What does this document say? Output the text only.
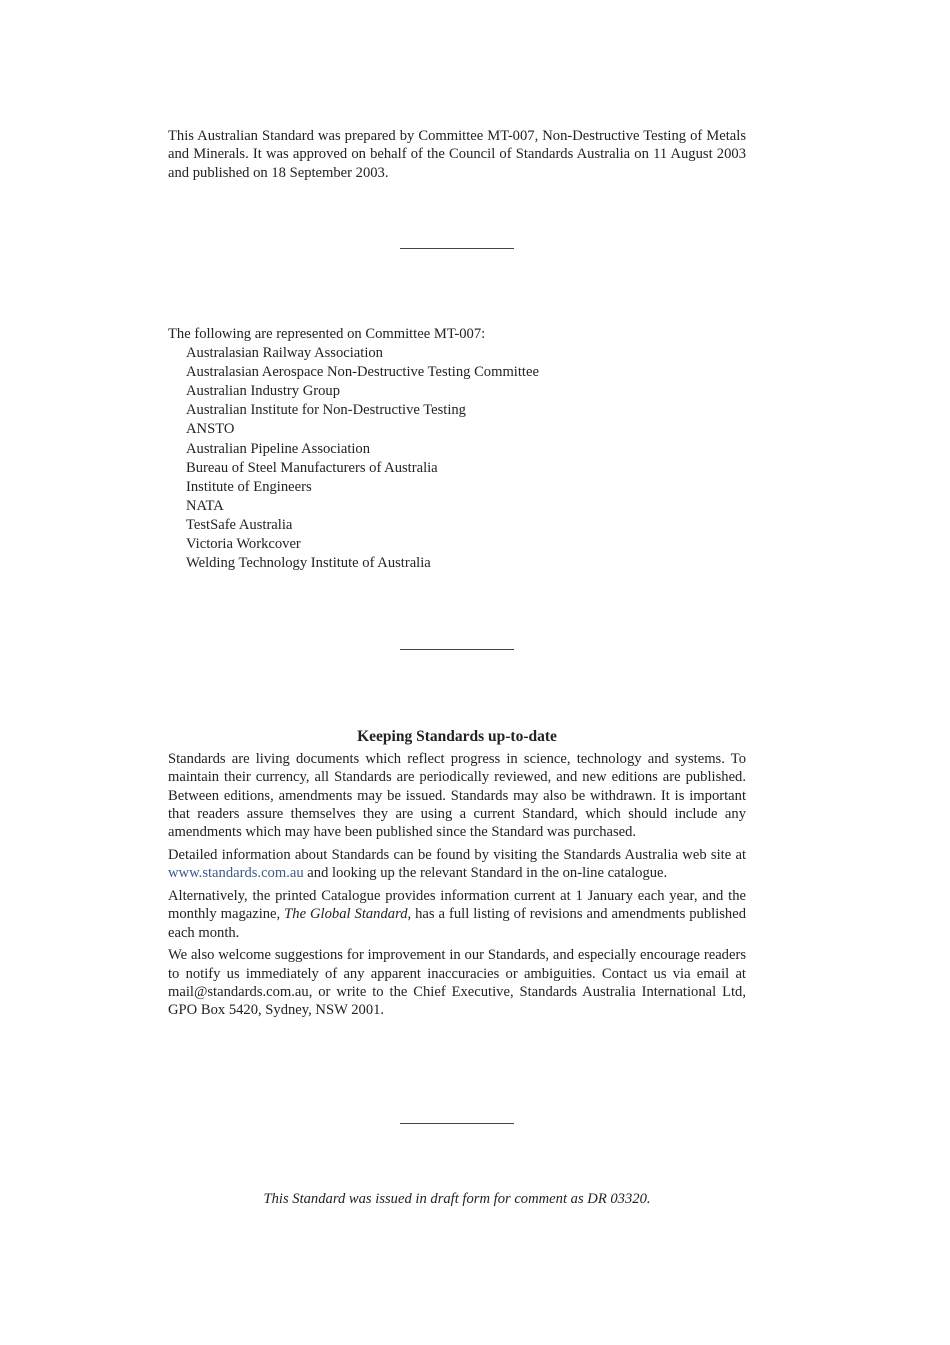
This Australian Standard was prepared by Committee MT-007, Non-Destructive Testing of Metals and Minerals. It was approved on behalf of the Council of Standards Australia on 11 August 2003 and published on 18 September 2003.

The following are represented on Committee MT-007:
Australasian Railway Association
Australasian Aerospace Non-Destructive Testing Committee
Australian Industry Group
Australian Institute for Non-Destructive Testing
ANSTO
Australian Pipeline Association
Bureau of Steel Manufacturers of Australia
Institute of Engineers
NATA
TestSafe Australia
Victoria Workcover
Welding Technology Institute of Australia
Keeping Standards up-to-date

Standards are living documents which reflect progress in science, technology and systems. To maintain their currency, all Standards are periodically reviewed, and new editions are published. Between editions, amendments may be issued. Standards may also be withdrawn. It is important that readers assure themselves they are using a current Standard, which should include any amendments which may have been published since the Standard was purchased.

Detailed information about Standards can be found by visiting the Standards Australia web site at www.standards.com.au and looking up the relevant Standard in the on-line catalogue.

Alternatively, the printed Catalogue provides information current at 1 January each year, and the monthly magazine, The Global Standard, has a full listing of revisions and amendments published each month.

We also welcome suggestions for improvement in our Standards, and especially encourage readers to notify us immediately of any apparent inaccuracies or ambiguities. Contact us via email at mail@standards.com.au, or write to the Chief Executive, Standards Australia International Ltd, GPO Box 5420, Sydney, NSW 2001.

This Standard was issued in draft form for comment as DR 03320.
